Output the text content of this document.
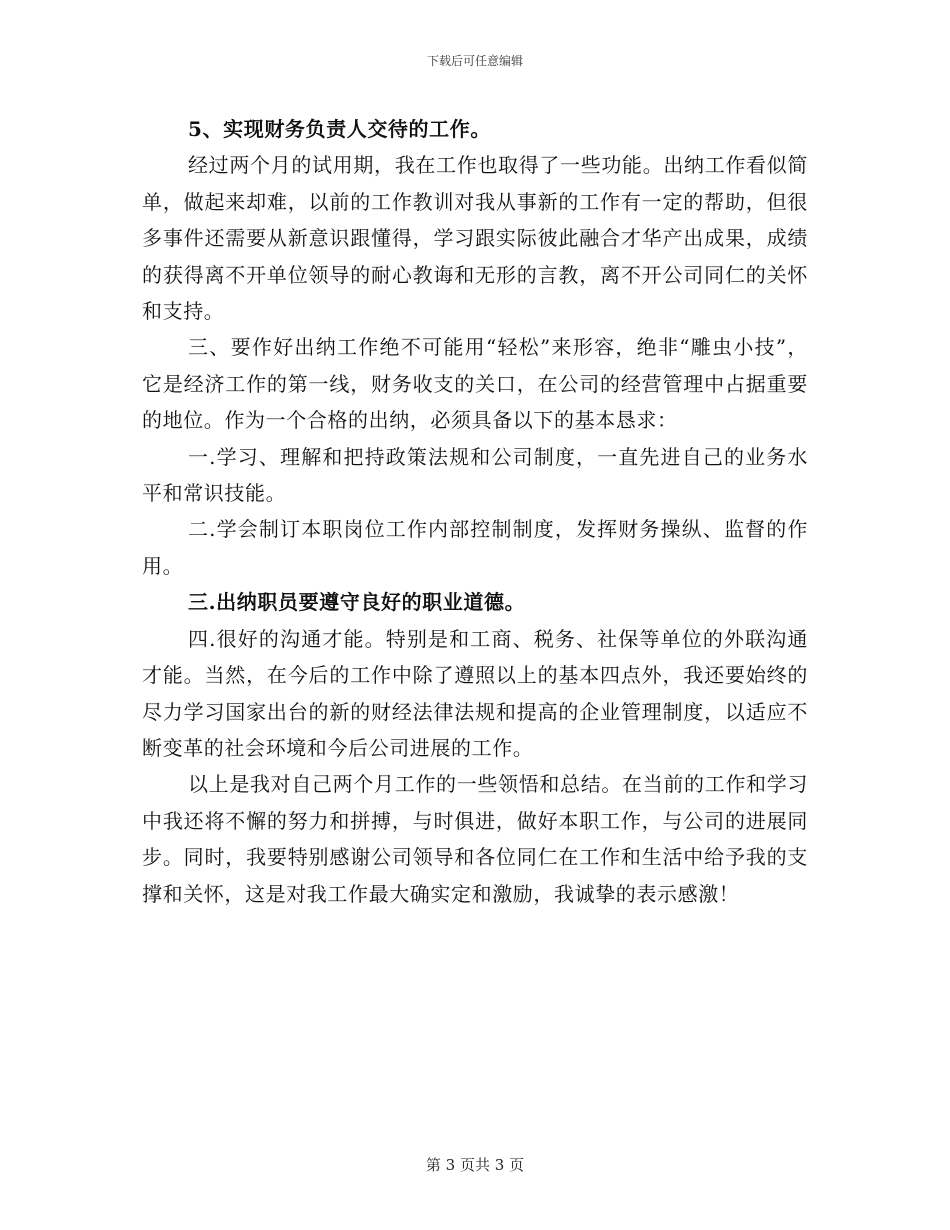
下载后可任意编辑

5、实现财务负责人交待的工作。

经过两个月的试用期，我在工作也取得了一些功能。出纳工作看似简单，做起来却难，以前的工作教训对我从事新的工作有一定的帮助，但很多事件还需要从新意识跟懂得，学习跟实际彼此融合才华产出成果，成绩的获得离不开单位领导的耐心教诲和无形的言教，离不开公司同仁的关怀和支持。

三、要作好出纳工作绝不可能用“轻松”来形容，绝非“雕虫小技”，它是经济工作的第一线，财务收支的关口，在公司的经营管理中占据重要的地位。作为一个合格的出纳，必须具备以下的基本恳求：

一.学习、理解和把持政策法规和公司制度，一直先进自己的业务水平和常识技能。

二.学会制订本职岗位工作内部控制制度，发挥财务操纵、监督的作用。

三.出纳职员要遵守良好的职业道德。

四.很好的沟通才能。特别是和工商、税务、社保等单位的外联沟通才能。当然，在今后的工作中除了遵照以上的基本四点外，我还要始终的尽力学习国家出台的新的财经法律法规和提高的企业管理制度，以适应不断变革的社会环境和今后公司进展的工作。

以上是我对自己两个月工作的一些领悟和总结。在当前的工作和学习中我还将不懈的努力和拼搏，与时俱进，做好本职工作，与公司的进展同步。同时，我要特别感谢公司领导和各位同仁在工作和生活中给予我的支撑和关怀，这是对我工作最大确实定和激励，我诚挚的表示感激！

第 3 页共 3 页
